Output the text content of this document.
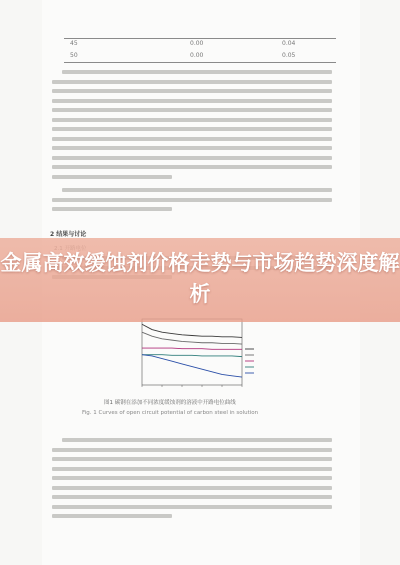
45	0.00	0.04
50	0.00	0.05
2 结果与讨论
图1 碳钢在添加不同浓度缓蚀剂的溶液中开路电位曲线
Fig. 1 Curves of open circuit potential of carbon steel in solution
金属高效缓蚀剂价格走势与市场趋势深度解析
